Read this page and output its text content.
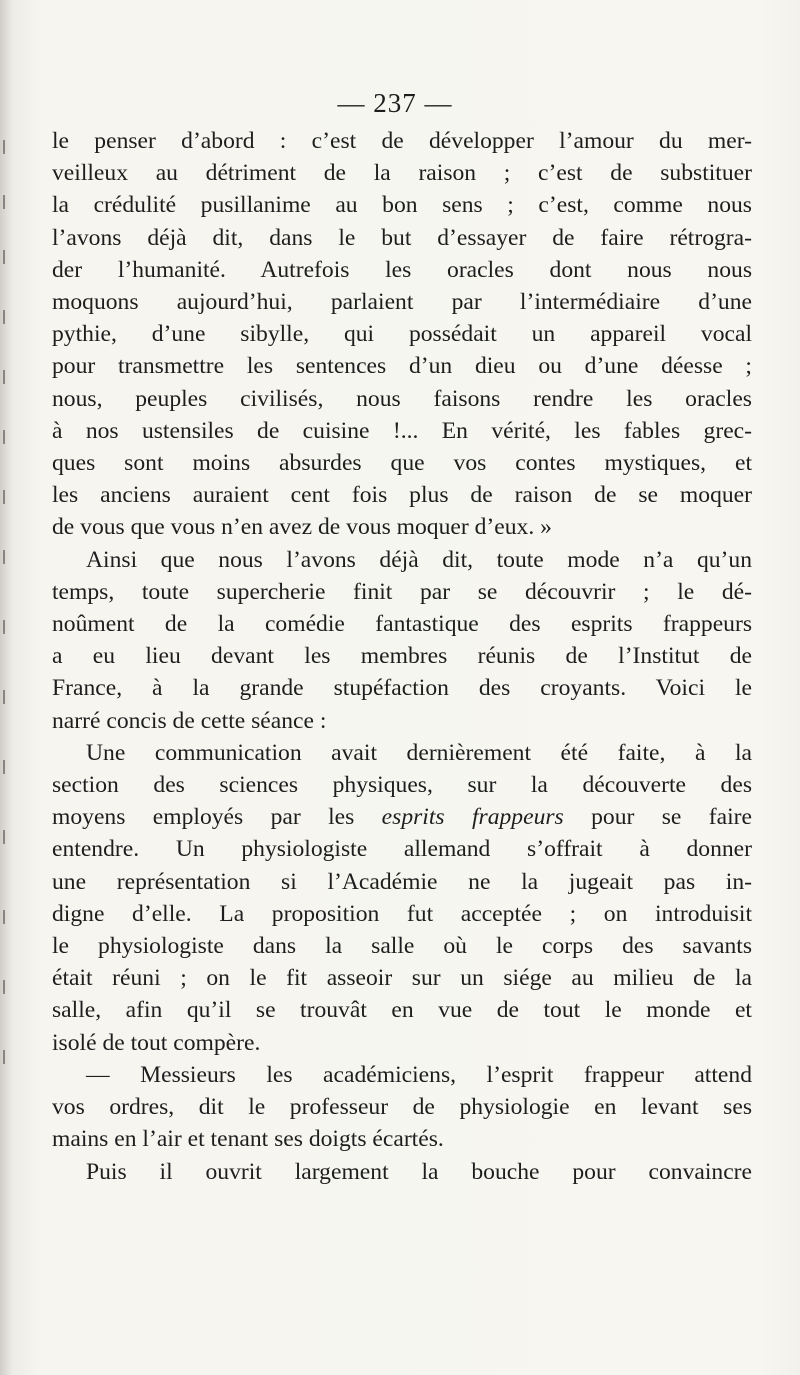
— 237 —
le penser d’abord : c’est de développer l’amour du mer-
veilleux au détriment de la raison ; c’est de substituer
la crédulité pusillanime au bon sens ; c’est, comme nous
l’avons déjà dit, dans le but d’essayer de faire rétrogra-
der l’humanité. Autrefois les oracles dont nous nous
moquons aujourd’hui, parlaient par l’intermédiaire d’une
pythie, d’une sibylle, qui possédait un appareil vocal
pour transmettre les sentences d’un dieu ou d’une déesse ;
nous, peuples civilisés, nous faisons rendre les oracles
à nos ustensiles de cuisine !... En vérité, les fables grec-
ques sont moins absurdes que vos contes mystiques, et
les anciens auraient cent fois plus de raison de se moquer
de vous que vous n’en avez de vous moquer d’eux. »
Ainsi que nous l’avons déjà dit, toute mode n’a qu’un
temps, toute supercherie finit par se découvrir ; le dé-
noûment de la comédie fantastique des esprits frappeurs
a eu lieu devant les membres réunis de l’Institut de
France, à la grande stupéfaction des croyants. Voici le
narré concis de cette séance :
Une communication avait dernièrement été faite, à la
section des sciences physiques, sur la découverte des
moyens employés par les esprits frappeurs pour se faire
entendre. Un physiologiste allemand s’offrait à donner
une représentation si l’Académie ne la jugeait pas in-
digne d’elle. La proposition fut acceptée ; on introduisit
le physiologiste dans la salle où le corps des savants
était réuni ; on le fit asseoir sur un siége au milieu de la
salle, afin qu’il se trouvât en vue de tout le monde et
isolé de tout compère.
— Messieurs les académiciens, l’esprit frappeur attend
vos ordres, dit le professeur de physiologie en levant ses
mains en l’air et tenant ses doigts écartés.
Puis il ouvrit largement la bouche pour convaincre
